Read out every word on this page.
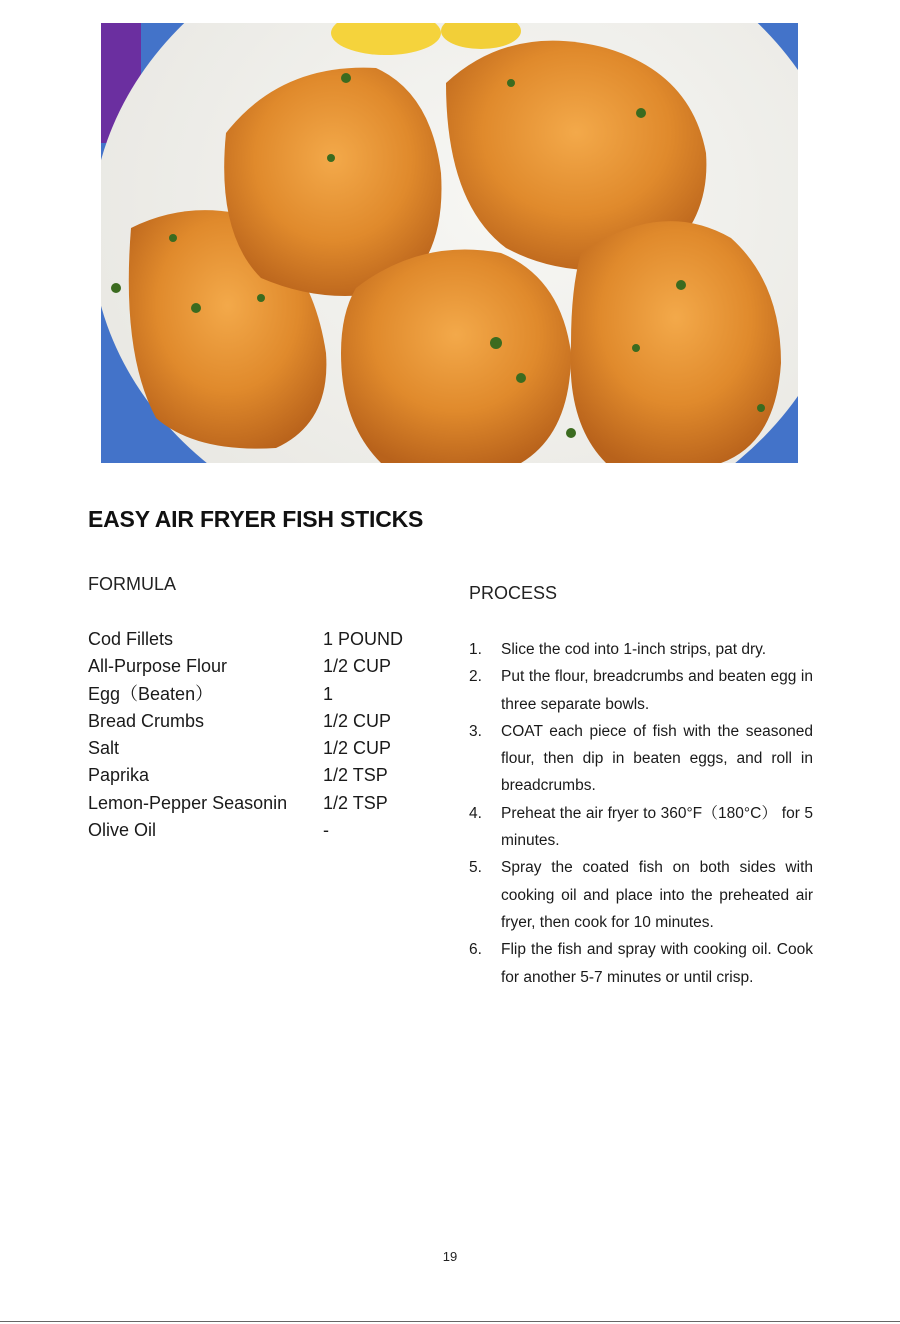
EASY AIR FRYER FISH STICKS
FORMULA
Cod Fillets	1 POUND
All-Purpose Flour	1/2 CUP
Egg（Beaten）	1
Bread Crumbs	1/2 CUP
Salt	1/2 CUP
Paprika	1/2 TSP
Lemon-Pepper Seasonin 1/2 TSP
Olive Oil	-
PROCESS
1. Slice the cod into 1-inch strips, pat dry.
2. Put the flour, breadcrumbs and beaten egg in three separate bowls.
3. COAT each piece of fish with the seasoned flour, then dip in beaten eggs, and roll in breadcrumbs.
4. Preheat the air fryer to 360°F（180°C） for 5 minutes.
5. Spray the coated fish on both sides with cooking oil and place into the preheated air fryer, then cook for 10 minutes.
6. Flip the fish and spray with cooking oil. Cook for another 5-7 minutes or until crisp.
19
